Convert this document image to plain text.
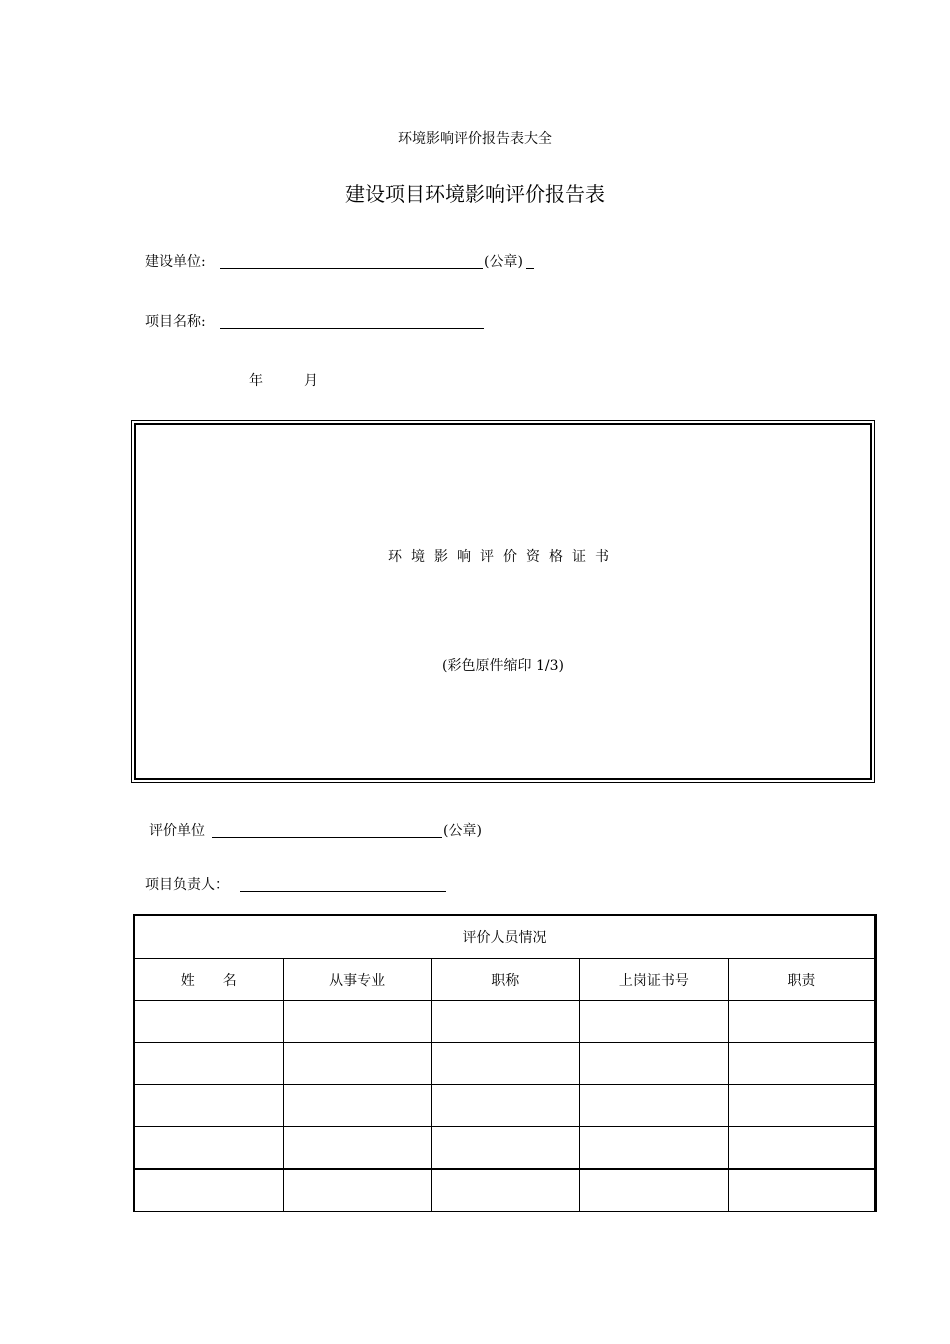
环境影响评价报告表大全
建设项目环境影响评价报告表
建设单位:	(公章)
项目名称:
年	月
环境影响评价资格证书
(彩色原件缩印 1/3)
评价单位	(公章)
项目负责人：
评价人员情况				
姓　　名	从事专业	职称	上岗证书号	职责
